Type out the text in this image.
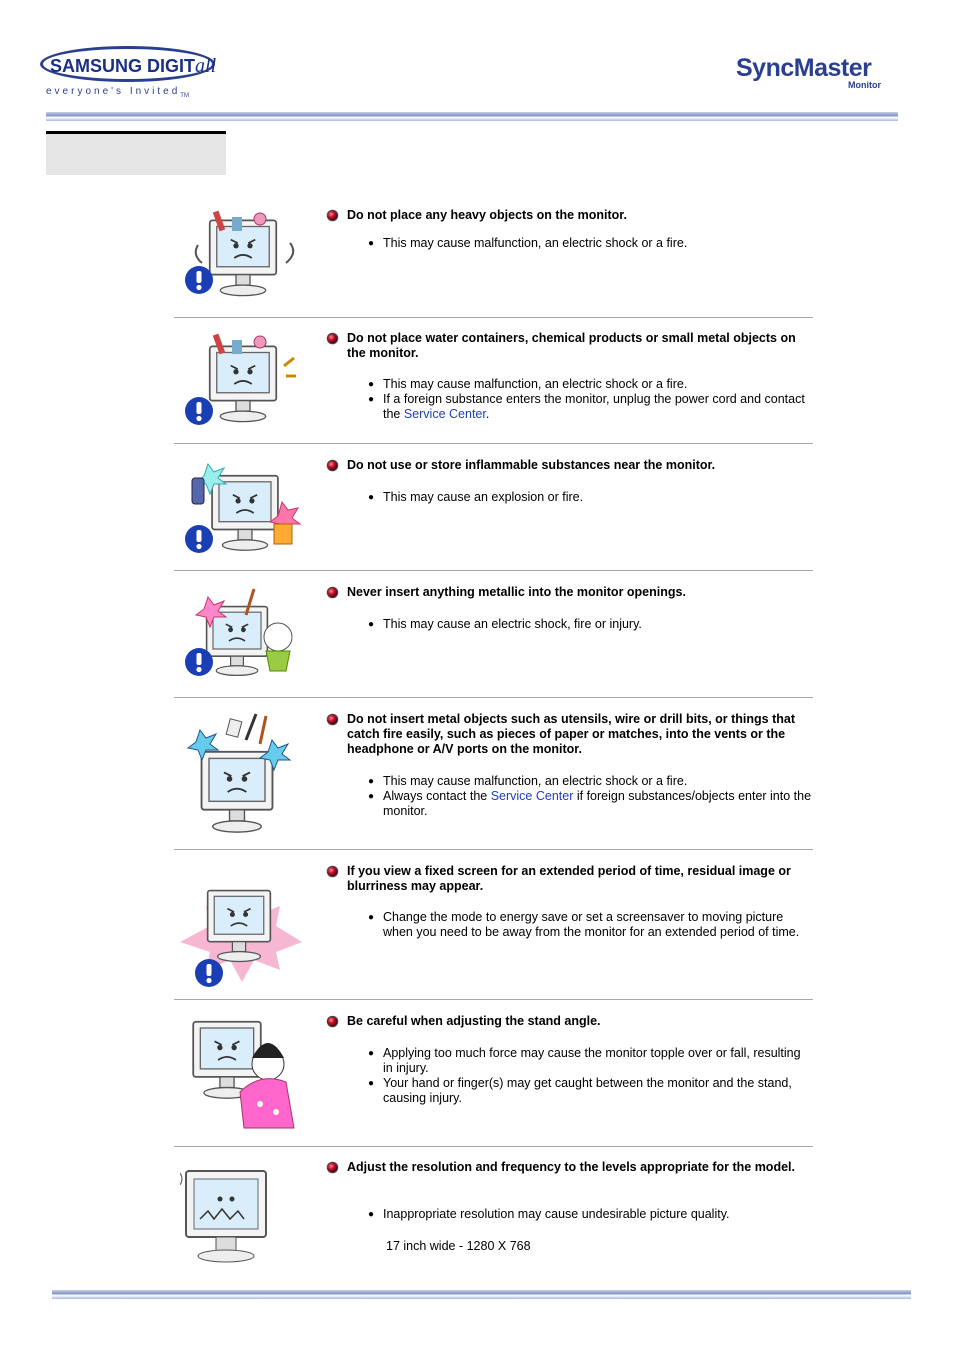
SAMSUNG DIGITall
everyone's Invited$_{TM}$
SyncMaster
Monitor
Do not place any heavy objects on the monitor.
● This may cause malfunction, an electric shock or a fire.
Do not place water containers, chemical products or small metal objects on the monitor.
● This may cause malfunction, an electric shock or a fire.
● If a foreign substance enters the monitor, unplug the power cord and contact the Service Center.
Do not use or store inflammable substances near the monitor.
● This may cause an explosion or fire.
Never insert anything metallic into the monitor openings.
● This may cause an electric shock, fire or injury.
Do not insert metal objects such as utensils, wire or drill bits, or things that catch fire easily, such as pieces of paper or matches, into the vents or the headphone or A/V ports on the monitor.
● This may cause malfunction, an electric shock or a fire.
● Always contact the Service Center if foreign substances/objects enter into the monitor.
If you view a fixed screen for an extended period of time, residual image or blurriness may appear.
● Change the mode to energy save or set a screensaver to moving picture when you need to be away from the monitor for an extended period of time.
Be careful when adjusting the stand angle.
● Applying too much force may cause the monitor topple over or fall, resulting in injury.
● Your hand or finger(s) may get caught between the monitor and the stand, causing injury.
Adjust the resolution and frequency to the levels appropriate for the model.
● Inappropriate resolution may cause undesirable picture quality.
17 inch wide - 1280 X 768
